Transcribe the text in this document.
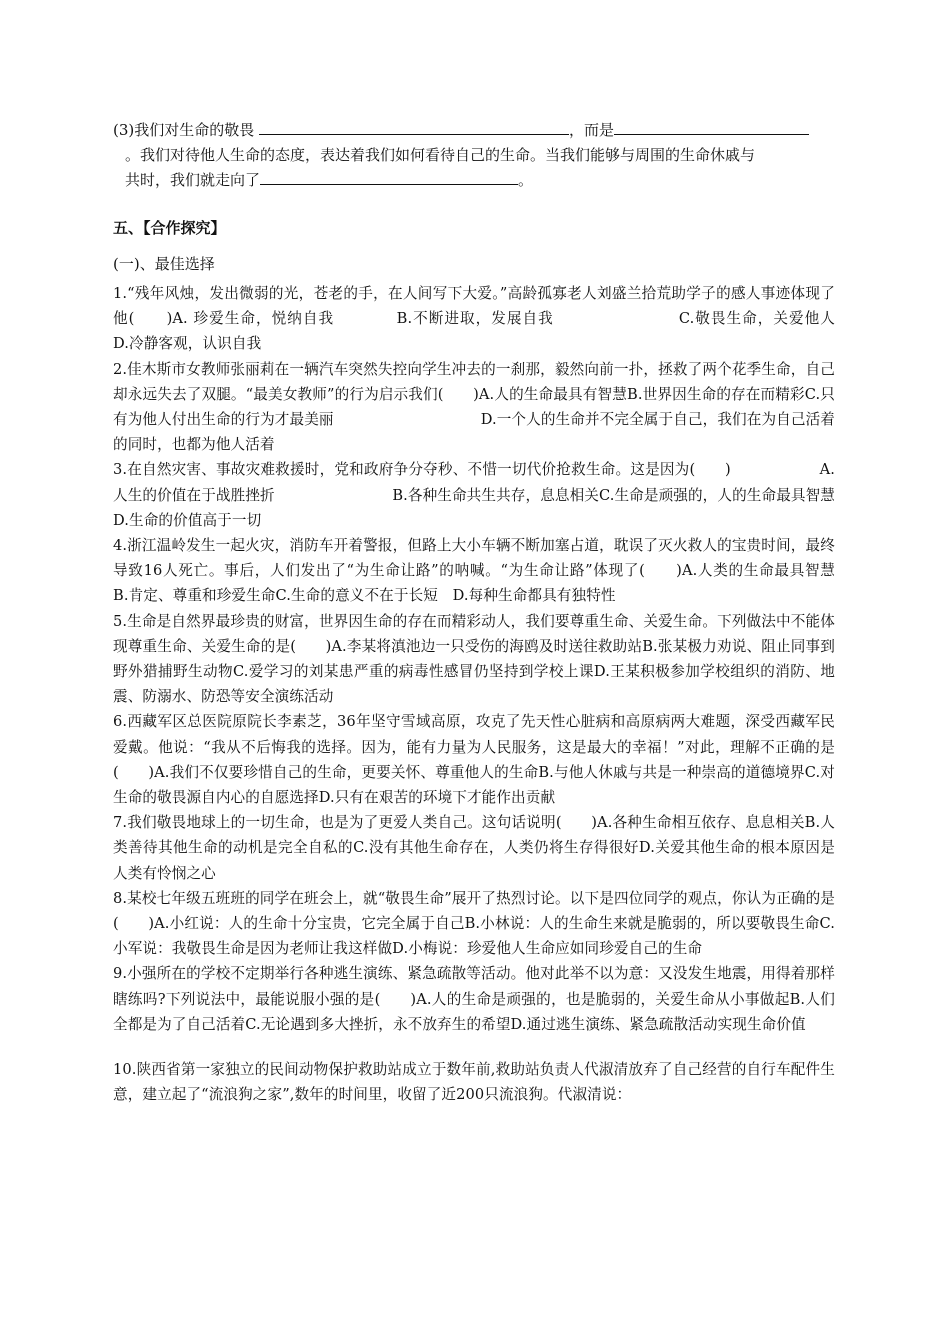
(3)我们对生命的敬畏	，而是
。我们对待他人生命的态度，表达着我们如何看待自己的生命。当我们能够与周围的生命休戚与
共时，我们就走向了	。
五、【合作探究】
(一)、最佳选择
1.“残年风烛，发出微弱的光，苍老的手，在人间写下大爱。”高龄孤寡老人刘盛兰拾荒助学子的感人事迹体现了他(　　)A. 珍爱生命，悦纳自我　　　　B.不断进取，发展自我　　　　　　　　C.敬畏生命，关爱他人　　　　D.冷静客观，认识自我
2.佳木斯市女教师张丽莉在一辆汽车突然失控向学生冲去的一刹那，毅然向前一扑，拯救了两个花季生命，自己却永远失去了双腿。“最美女教师”的行为启示我们(　　)A.人的生命最具有智慧B.世界因生命的存在而精彩C.只有为他人付出生命的行为才最美丽　　　　　　　　　　D.一个人的生命并不完全属于自己，我们在为自己活着的同时，也都为他人活着
3.在自然灾害、事故灾难救援时，党和政府争分夺秒、不惜一切代价抢救生命。这是因为(　　)　　　　　　A.人生的价值在于战胜挫折　　　　　　　　B.各种生命共生共存，息息相关C.生命是顽强的，人的生命最具智慧　　　D.生命的价值高于一切
4.浙江温岭发生一起火灾，消防车开着警报，但路上大小车辆不断加塞占道，耽误了灭火救人的宝贵时间，最终导致16人死亡。事后，人们发出了“为生命让路”的呐喊。“为生命让路”体现了(　　)A.人类的生命最具智慧　B.肯定、尊重和珍爱生命C.生命的意义不在于长短　D.每种生命都具有独特性
5.生命是自然界最珍贵的财富，世界因生命的存在而精彩动人，我们要尊重生命、关爱生命。下列做法中不能体现尊重生命、关爱生命的是(　　)A.李某将滇池边一只受伤的海鸥及时送往救助站B.张某极力劝说、阻止同事到野外猎捕野生动物C.爱学习的刘某患严重的病毒性感冒仍坚持到学校上课D.王某积极参加学校组织的消防、地震、防溺水、防恐等安全演练活动
6.西藏军区总医院原院长李素芝，36年坚守雪域高原，攻克了先天性心脏病和高原病两大难题，深受西藏军民爱戴。他说：“我从不后悔我的选择。因为，能有力量为人民服务，这是最大的幸福！”对此，理解不正确的是(　　)A.我们不仅要珍惜自己的生命，更要关怀、尊重他人的生命B.与他人休戚与共是一种崇高的道德境界C.对生命的敬畏源自内心的自愿选择D.只有在艰苦的环境下才能作出贡献
7.我们敬畏地球上的一切生命，也是为了更爱人类自己。这句话说明(　　)A.各种生命相互依存、息息相关B.人类善待其他生命的动机是完全自私的C.没有其他生命存在，人类仍将生存得很好D.关爱其他生命的根本原因是人类有怜悯之心
8.某校七年级五班班的同学在班会上，就“敬畏生命”展开了热烈讨论。以下是四位同学的观点，你认为正确的是(　　)A.小红说：人的生命十分宝贵，它完全属于自己B.小林说：人的生命生来就是脆弱的，所以要敬畏生命C.小军说：我敬畏生命是因为老师让我这样做D.小梅说：珍爱他人生命应如同珍爱自己的生命
9.小强所在的学校不定期举行各种逃生演练、紧急疏散等活动。他对此举不以为意：又没发生地震，用得着那样瞎练吗?下列说法中，最能说服小强的是(　　)A.人的生命是顽强的，也是脆弱的，关爱生命从小事做起B.人们全都是为了自己活着C.无论遇到多大挫折，永不放弃生的希望D.通过逃生演练、紧急疏散活动实现生命价值
10.陕西省第一家独立的民间动物保护救助站成立于数年前,救助站负责人代淑清放弃了自己经营的自行车配件生意，建立起了“流浪狗之家”,数年的时间里，收留了近200只流浪狗。代淑清说：
